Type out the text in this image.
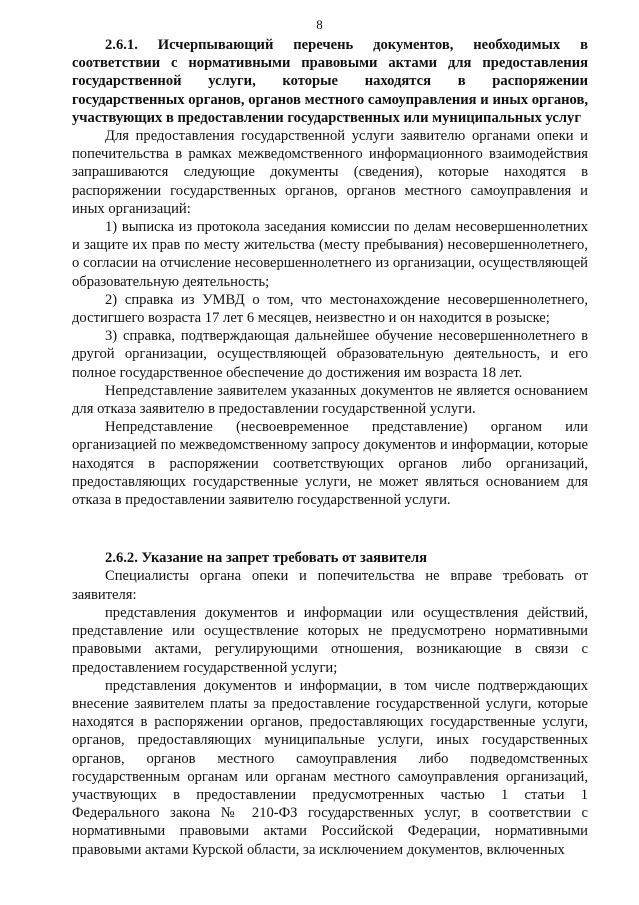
8

2.6.1. Исчерпывающий перечень документов, необходимых в соответствии с нормативными правовыми актами для предоставления государственной услуги, которые находятся в распоряжении государственных органов, органов местного самоуправления и иных органов, участвующих в предоставлении государственных или муниципальных услуг

Для предоставления государственной услуги заявителю органами опеки и попечительства в рамках межведомственного информационного взаимодействия запрашиваются следующие документы (сведения), которые находятся в распоряжении государственных органов, органов местного самоуправления и иных организаций:

1) выписка из протокола заседания комиссии по делам несовершеннолетних и защите их прав по месту жительства (месту пребывания) несовершеннолетнего, о согласии на отчисление несовершеннолетнего из организации, осуществляющей образовательную деятельность;

2) справка из УМВД о том, что местонахождение несовершеннолетнего, достигшего возраста 17 лет 6 месяцев, неизвестно и он находится в розыске;

3) справка, подтверждающая дальнейшее обучение несовершеннолетнего в другой организации, осуществляющей образовательную деятельность, и его полное государственное обеспечение до достижения им возраста 18 лет.

Непредставление заявителем указанных документов не является основанием для отказа заявителю в предоставлении государственной услуги.

Непредставление (несвоевременное представление) органом или организацией по межведомственному запросу документов и информации, которые находятся в распоряжении соответствующих органов либо организаций, предоставляющих государственные услуги, не может являться основанием для отказа в предоставлении заявителю государственной услуги.

2.6.2. Указание на запрет требовать от заявителя

Специалисты органа опеки и попечительства не вправе требовать от заявителя:

представления документов и информации или осуществления действий, представление или осуществление которых не предусмотрено нормативными правовыми актами, регулирующими отношения, возникающие в связи с предоставлением государственной услуги;

представления документов и информации, в том числе подтверждающих внесение заявителем платы за предоставление государственной услуги, которые находятся в распоряжении органов, предоставляющих государственные услуги, органов, предоставляющих муниципальные услуги, иных государственных органов, органов местного самоуправления либо подведомственных государственным органам или органам местного самоуправления организаций, участвующих в предоставлении предусмотренных частью 1 статьи 1 Федерального закона № 210-ФЗ государственных услуг, в соответствии с нормативными правовыми актами Российской Федерации, нормативными правовыми актами Курской области, за исключением документов, включенных
